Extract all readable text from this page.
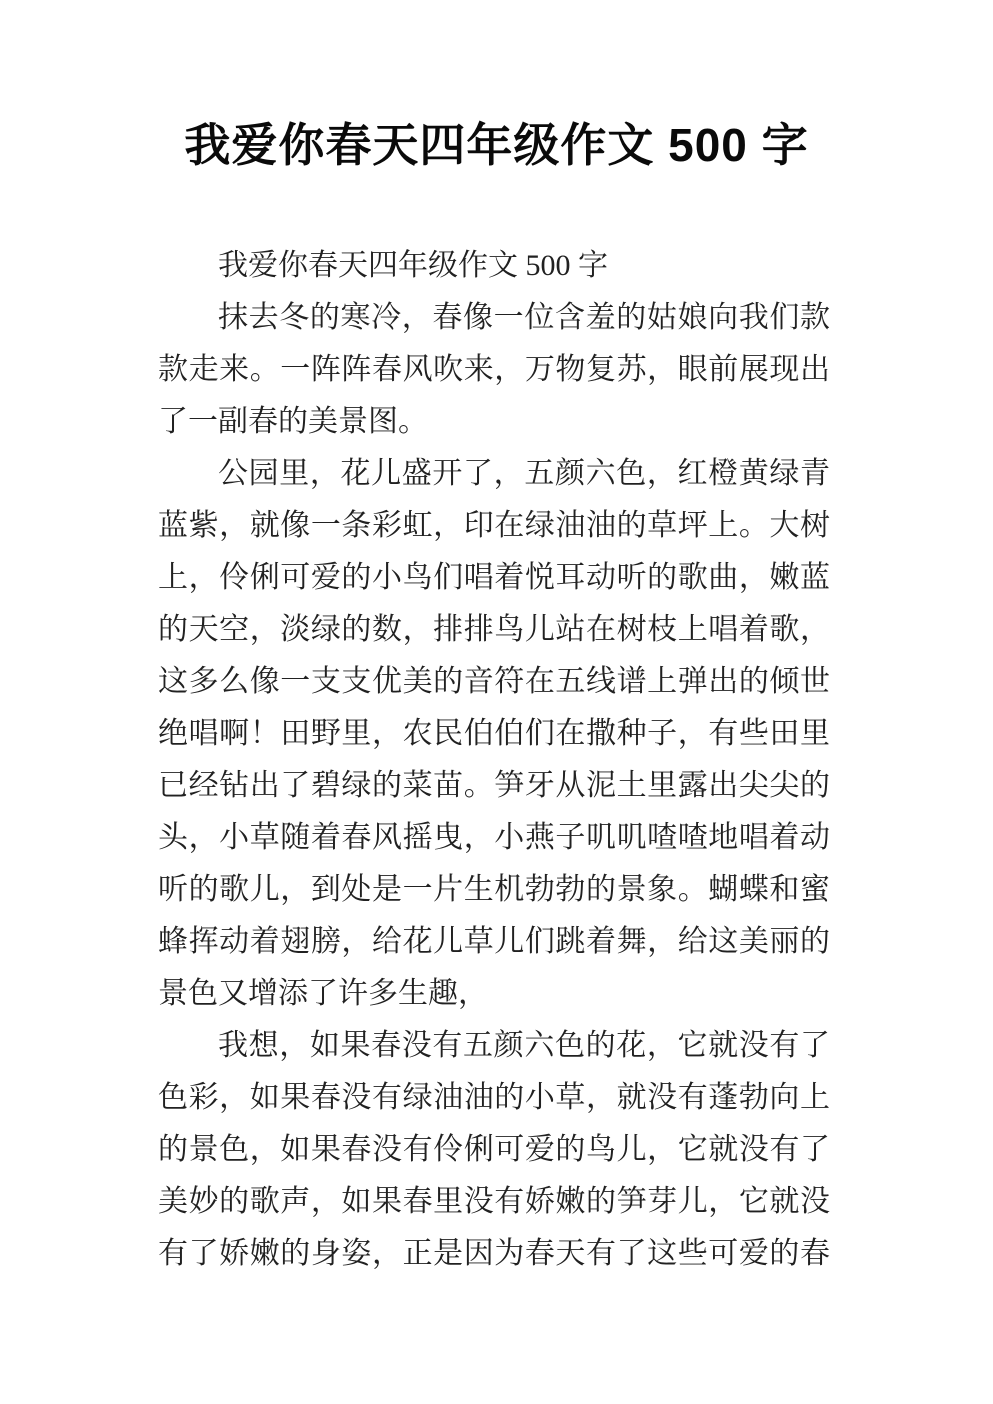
我爱你春天四年级作文 500 字
我爱你春天四年级作文 500 字
抹去冬的寒冷，春像一位含羞的姑娘向我们款
款走来。一阵阵春风吹来，万物复苏，眼前展现出
了一副春的美景图。
公园里，花儿盛开了，五颜六色，红橙黄绿青
蓝紫，就像一条彩虹，印在绿油油的草坪上。大树
上，伶俐可爱的小鸟们唱着悦耳动听的歌曲，嫩蓝
的天空，淡绿的数，排排鸟儿站在树枝上唱着歌，
这多么像一支支优美的音符在五线谱上弹出的倾世
绝唱啊！田野里，农民伯伯们在撒种子，有些田里
已经钻出了碧绿的菜苗。笋牙从泥土里露出尖尖的
头，小草随着春风摇曳，小燕子叽叽喳喳地唱着动
听的歌儿，到处是一片生机勃勃的景象。蝴蝶和蜜
蜂挥动着翅膀，给花儿草儿们跳着舞，给这美丽的
景色又增添了许多生趣，
我想，如果春没有五颜六色的花，它就没有了
色彩，如果春没有绿油油的小草，就没有蓬勃向上
的景色，如果春没有伶俐可爱的鸟儿，它就没有了
美妙的歌声，如果春里没有娇嫩的笋芽儿，它就没
有了娇嫩的身姿，正是因为春天有了这些可爱的春
